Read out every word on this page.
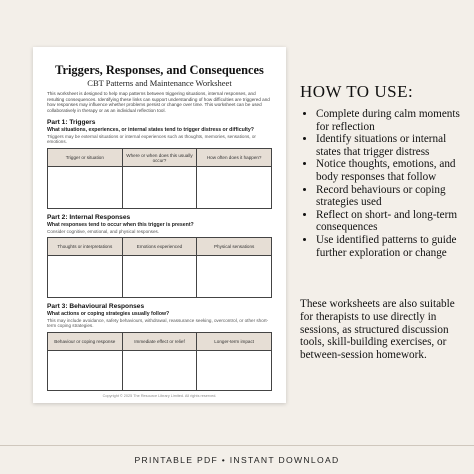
Triggers, Responses, and Consequences
CBT Patterns and Maintenance Worksheet

This worksheet is designed to help map patterns between triggering situations, internal responses, and resulting consequences. Identifying these links can support understanding of how difficulties are triggered and how responses may influence whether problems persist or change over time. This worksheet can be used collaboratively in therapy or as an individual reflection tool.

Part 1: Triggers

What situations, experiences, or internal states tend to trigger distress or difficulty?

Triggers may be external situations or internal experiences such as thoughts, memories, sensations, or emotions.

Trigger or situation	Where or when does this usually occur?	How often does it happen?

Part 2: Internal Responses

What responses tend to occur when this trigger is present?

Consider cognitive, emotional, and physical responses.

Thoughts or interpretations	Emotions experienced	Physical sensations

Part 3: Behavioural Responses

What actions or coping strategies usually follow?

This may include avoidance, safety behaviours, withdrawal, reassurance seeking, overcontrol, or other short-term coping strategies.

Behaviour or coping response	Immediate effect or relief	Longer-term impact

Copyright © 2025 The Resource Library Limited. All rights reserved.
HOW TO USE:
• Complete during calm moments for reflection
• Identify situations or internal states that trigger distress
• Notice thoughts, emotions, and body responses that follow
• Record behaviours or coping strategies used
• Reflect on short- and long-term consequences
• Use identified patterns to guide further exploration or change

These worksheets are also suitable for therapists to use directly in sessions, as structured discussion tools, skill-building exercises, or between-session homework.

PRINTABLE PDF • INSTANT DOWNLOAD
